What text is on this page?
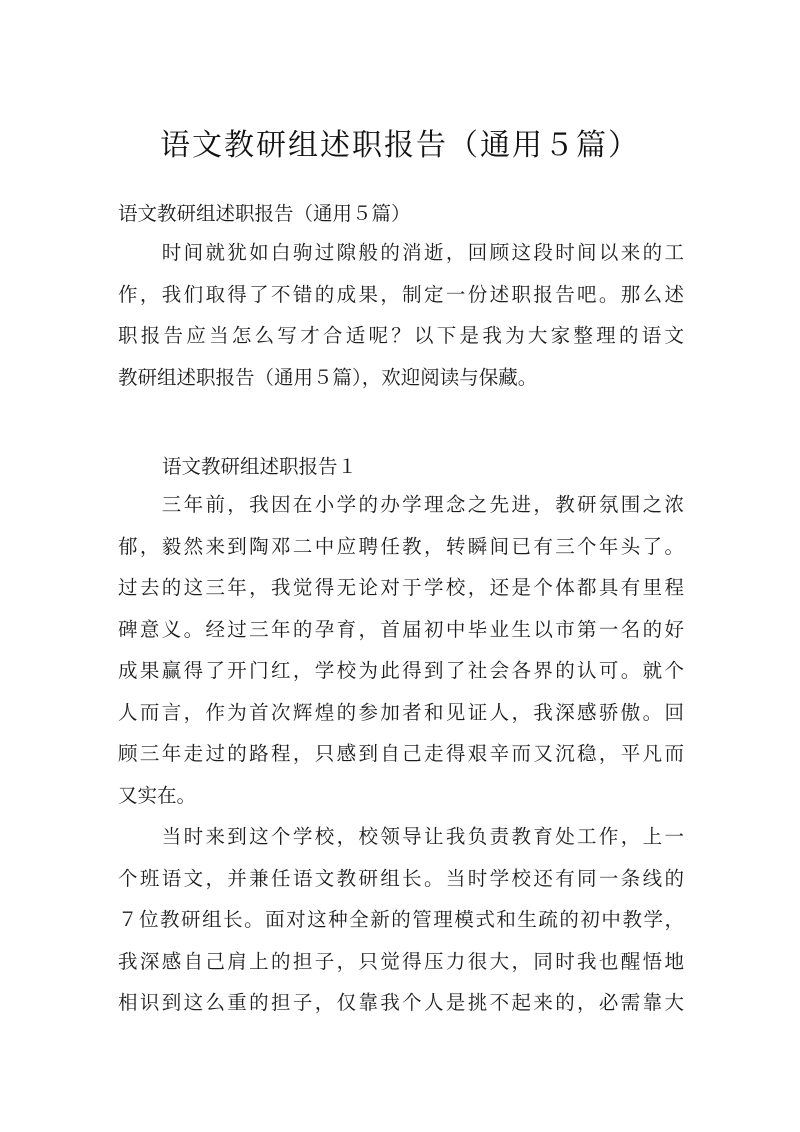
语文教研组述职报告（通用５篇）
语文教研组述职报告（通用５篇）
　　时间就犹如白驹过隙般的消逝，回顾这段时间以来的工
作，我们取得了不错的成果，制定一份述职报告吧。那么述
职报告应当怎么写才合适呢？以下是我为大家整理的语文
教研组述职报告（通用５篇），欢迎阅读与保藏。
语文教研组述职报告１
　　三年前，我因在小学的办学理念之先进，教研氛围之浓
郁，毅然来到陶邓二中应聘任教，转瞬间已有三个年头了。
过去的这三年，我觉得无论对于学校，还是个体都具有里程
碑意义。经过三年的孕育，首届初中毕业生以市第一名的好
成果赢得了开门红，学校为此得到了社会各界的认可。就个
人而言，作为首次辉煌的参加者和见证人，我深感骄傲。回
顾三年走过的路程，只感到自己走得艰辛而又沉稳，平凡而
又实在。
　　当时来到这个学校，校领导让我负责教育处工作，上一
个班语文，并兼任语文教研组长。当时学校还有同一条线的
７位教研组长。面对这种全新的管理模式和生疏的初中教学，
我深感自己肩上的担子，只觉得压力很大，同时我也醒悟地
相识到这么重的担子，仅靠我个人是挑不起来的，必需靠大
